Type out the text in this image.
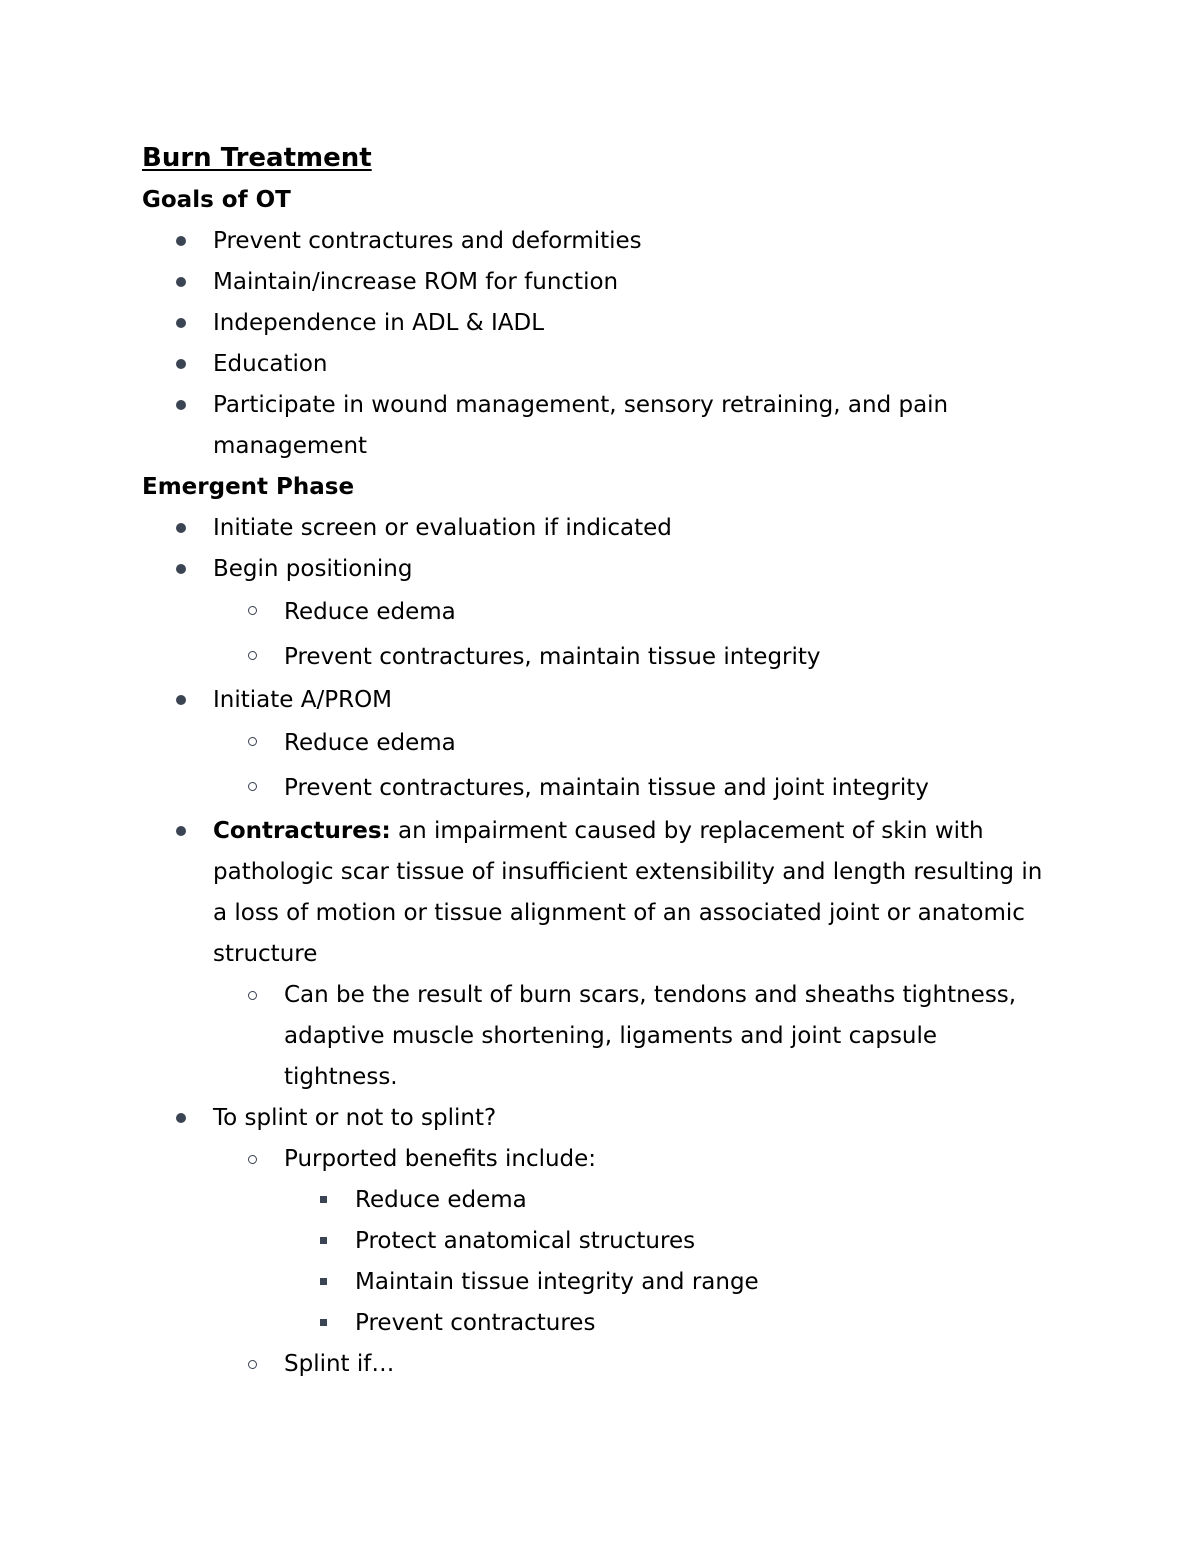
Burn Treatment
Goals of OT
Prevent contractures and deformities
Maintain/increase ROM for function
Independence in ADL & IADL
Education
Participate in wound management, sensory retraining, and pain management
Emergent Phase
Initiate screen or evaluation if indicated
Begin positioning
Reduce edema
Prevent contractures, maintain tissue integrity
Initiate A/PROM
Reduce edema
Prevent contractures, maintain tissue and joint integrity
Contractures: an impairment caused by replacement of skin with pathologic scar tissue of insufficient extensibility and length resulting in a loss of motion or tissue alignment of an associated joint or anatomic structure
Can be the result of burn scars, tendons and sheaths tightness, adaptive muscle shortening, ligaments and joint capsule tightness.
To splint or not to splint?
Purported benefits include:
Reduce edema
Protect anatomical structures
Maintain tissue integrity and range
Prevent contractures
Splint if…
